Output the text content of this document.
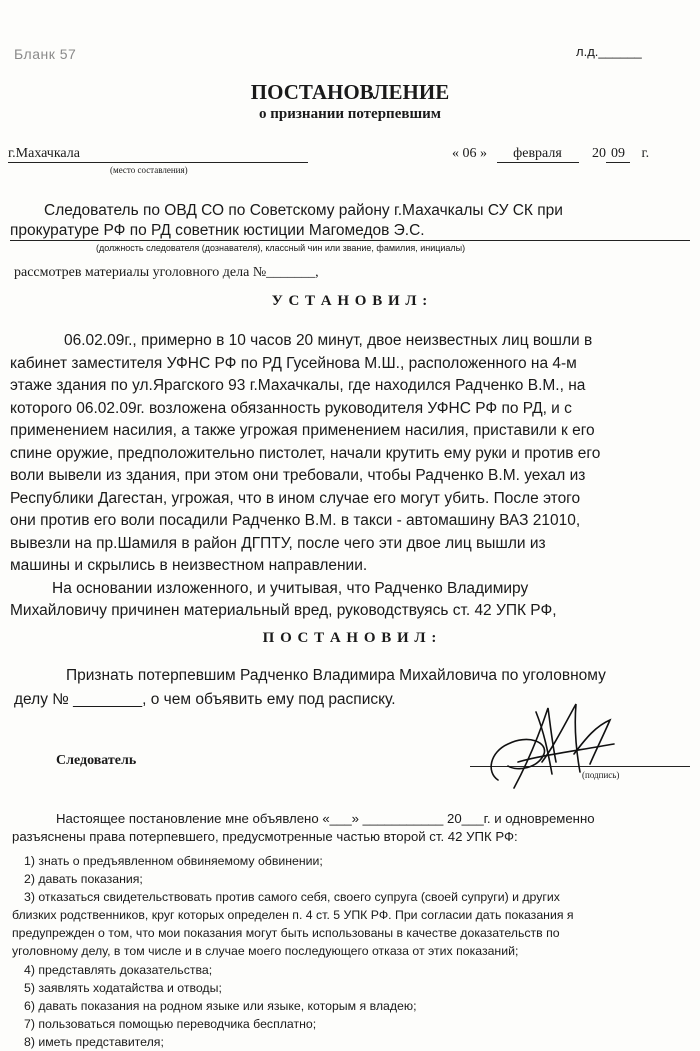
Бланк 57	л.д.______
ПОСТАНОВЛЕНИЕ
о признании потерпевшим
г.Махачкала
(место составления)
« 06 » февраля 20 09 г.
Следователь по ОВД СО по Советскому району г.Махачкалы СУ СК при
прокуратуре РФ по РД советник юстиции Магомедов Э.С.
(должность следователя (дознавателя), классный чин или звание, фамилия, инициалы)
рассмотрев материалы уголовного дела №_______,
У С Т А Н О В И Л :
06.02.09г., примерно в 10 часов 20 минут, двое неизвестных лиц вошли в
кабинет заместителя УФНС РФ по РД Гусейнова М.Ш., расположенного на 4-м
этаже здания по ул.Ярагского 93 г.Махачкалы, где находился Радченко В.М., на
которого 06.02.09г. возложена обязанность руководителя УФНС РФ по РД, и с
применением насилия, а также угрожая применением насилия, приставили к его
спине оружие, предположительно пистолет, начали крутить ему руки и против его
воли вывели из здания, при этом они требовали, чтобы Радченко В.М. уехал из
Республики Дагестан, угрожая, что в ином случае его могут убить. После этого
они против его воли посадили Радченко В.М. в такси - автомашину ВАЗ 21010,
вывезли на пр.Шамиля в район ДГПТУ, после чего эти двое лиц вышли из
машины и скрылись в неизвестном направлении.
На основании изложенного, и учитывая, что Радченко Владимиру
Михайловичу причинен материальный вред, руководствуясь ст. 42 УПК РФ,
П О С Т А Н О В И Л :
Признать потерпевшим Радченко Владимира Михайловича по уголовному
делу № ________, о чем объявить ему под расписку.
Следователь
(подпись)
Настоящее постановление мне объявлено «___» ___________ 20___г. и одновременно
разъяснены права потерпевшего, предусмотренные частью второй ст. 42 УПК РФ:
1) знать о предъявленном обвиняемому обвинении;
2) давать показания;
3) отказаться свидетельствовать против самого себя, своего супруга (своей супруги) и других
близких родственников, круг которых определен п. 4 ст. 5 УПК РФ. При согласии дать показания я
предупрежден о том, что мои показания могут быть использованы в качестве доказательств по
уголовному делу, в том числе и в случае моего последующего отказа от этих показаний;
4) представлять доказательства;
5) заявлять ходатайства и отводы;
6) давать показания на родном языке или языке, которым я владею;
7) пользоваться помощью переводчика бесплатно;
8) иметь представителя;
